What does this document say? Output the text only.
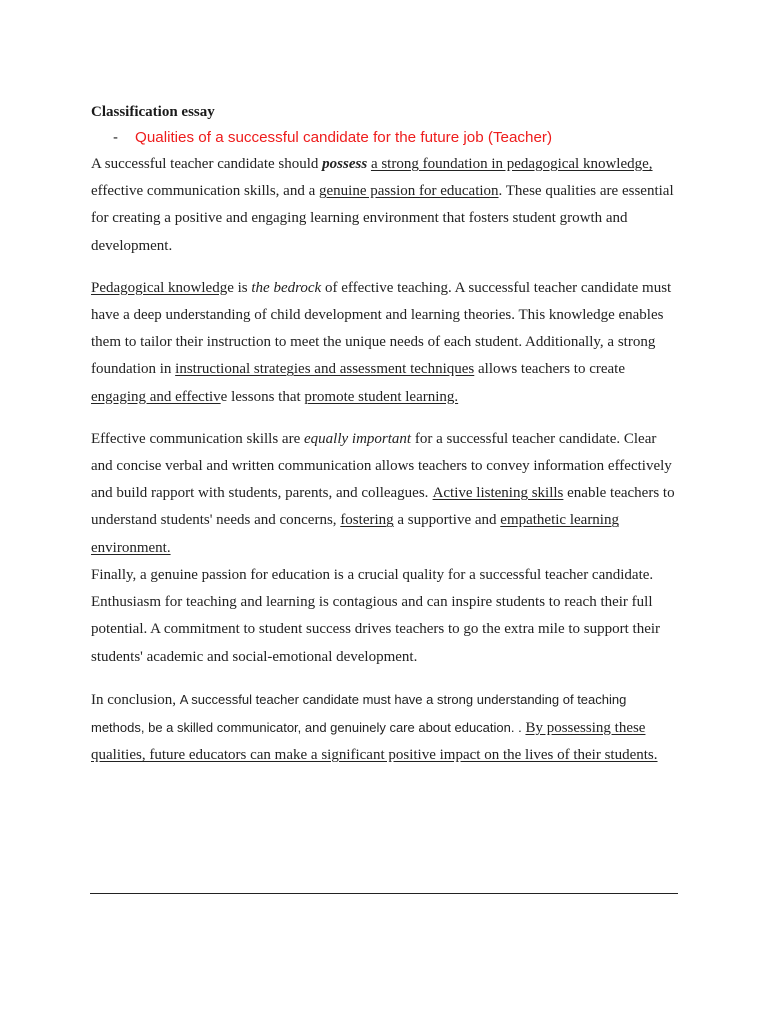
Classification essay
-	Qualities of a successful candidate for the future job (Teacher)

A successful teacher candidate should possess a strong foundation in pedagogical knowledge, effective communication skills, and a genuine passion for education. These qualities are essential for creating a positive and engaging learning environment that fosters student growth and development.

Pedagogical knowledge is the bedrock of effective teaching. A successful teacher candidate must have a deep understanding of child development and learning theories. This knowledge enables them to tailor their instruction to meet the unique needs of each student. Additionally, a strong foundation in instructional strategies and assessment techniques allows teachers to create engaging and effective lessons that promote student learning.

Effective communication skills are equally important for a successful teacher candidate. Clear and concise verbal and written communication allows teachers to convey information effectively and build rapport with students, parents, and colleagues.  Active listening skills enable teachers to understand students' needs and concerns, fostering a supportive and empathetic learning environment.

Finally, a genuine passion for education is a crucial quality for a successful teacher candidate. Enthusiasm for teaching and learning is contagious and can inspire students to reach their full potential. A commitment to student success drives teachers to go the extra mile to support their students' academic and social-emotional development.

In conclusion, A successful teacher candidate must have a strong understanding of teaching methods, be a skilled communicator, and genuinely care about education. . By possessing these qualities, future educators can make a significant positive impact on the lives of their students.
